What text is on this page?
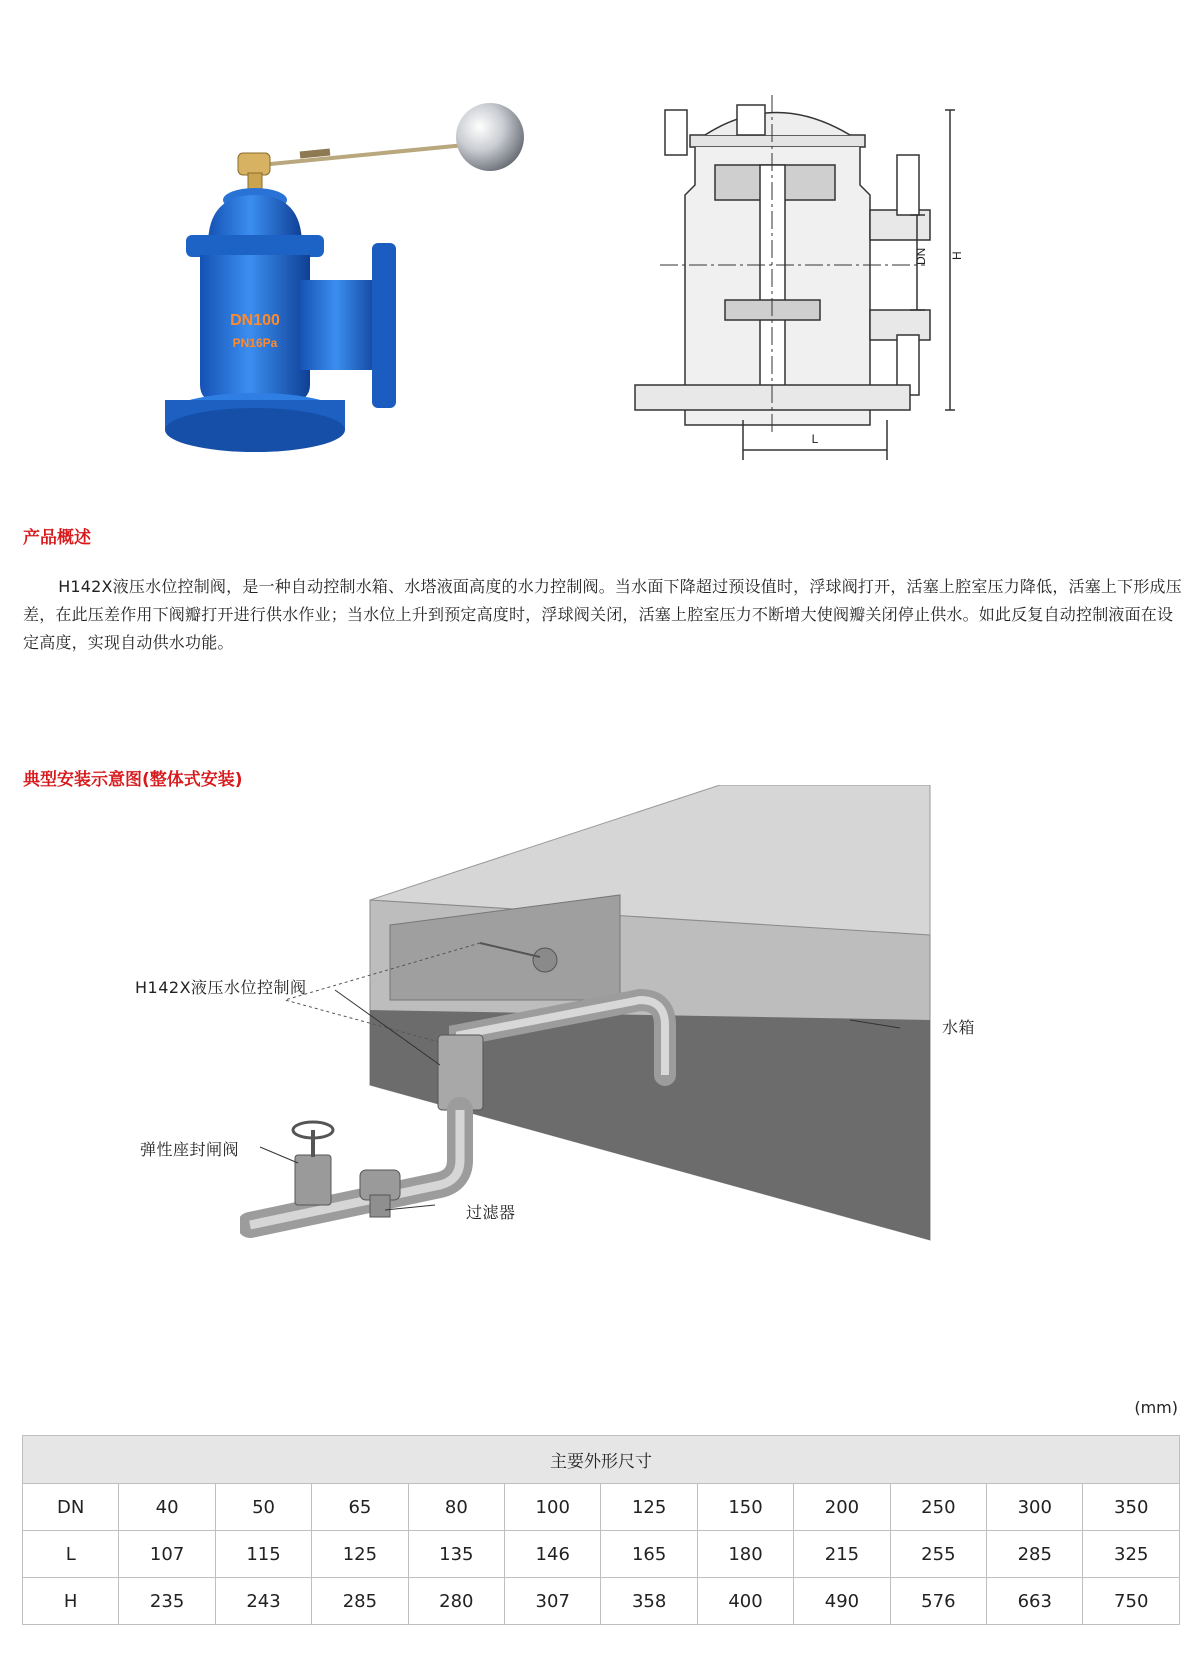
DN100
PN16Pa
DN H
L
产品概述

H142X液压水位控制阀，是一种自动控制水箱、水塔液面高度的水力控制阀。当水面下降超过预设值时，浮球阀打开，活塞上腔室压力降低，活塞上下形成压差，在此压差作用下阀瓣打开进行供水作业；当水位上升到预定高度时，浮球阀关闭，活塞上腔室压力不断增大使阀瓣关闭停止供水。如此反复自动控制液面在设定高度，实现自动供水功能。

典型安装示意图(整体式安装)
H142X液压水位控制阀
水箱
弹性座封闸阀
过滤器
(mm)
主要外形尺寸											
DN	40	50	65	80	100	125	150	200	250	300	350
L	107	115	125	135	146	165	180	215	255	285	325
H	235	243	285	280	307	358	400	490	576	663	750
